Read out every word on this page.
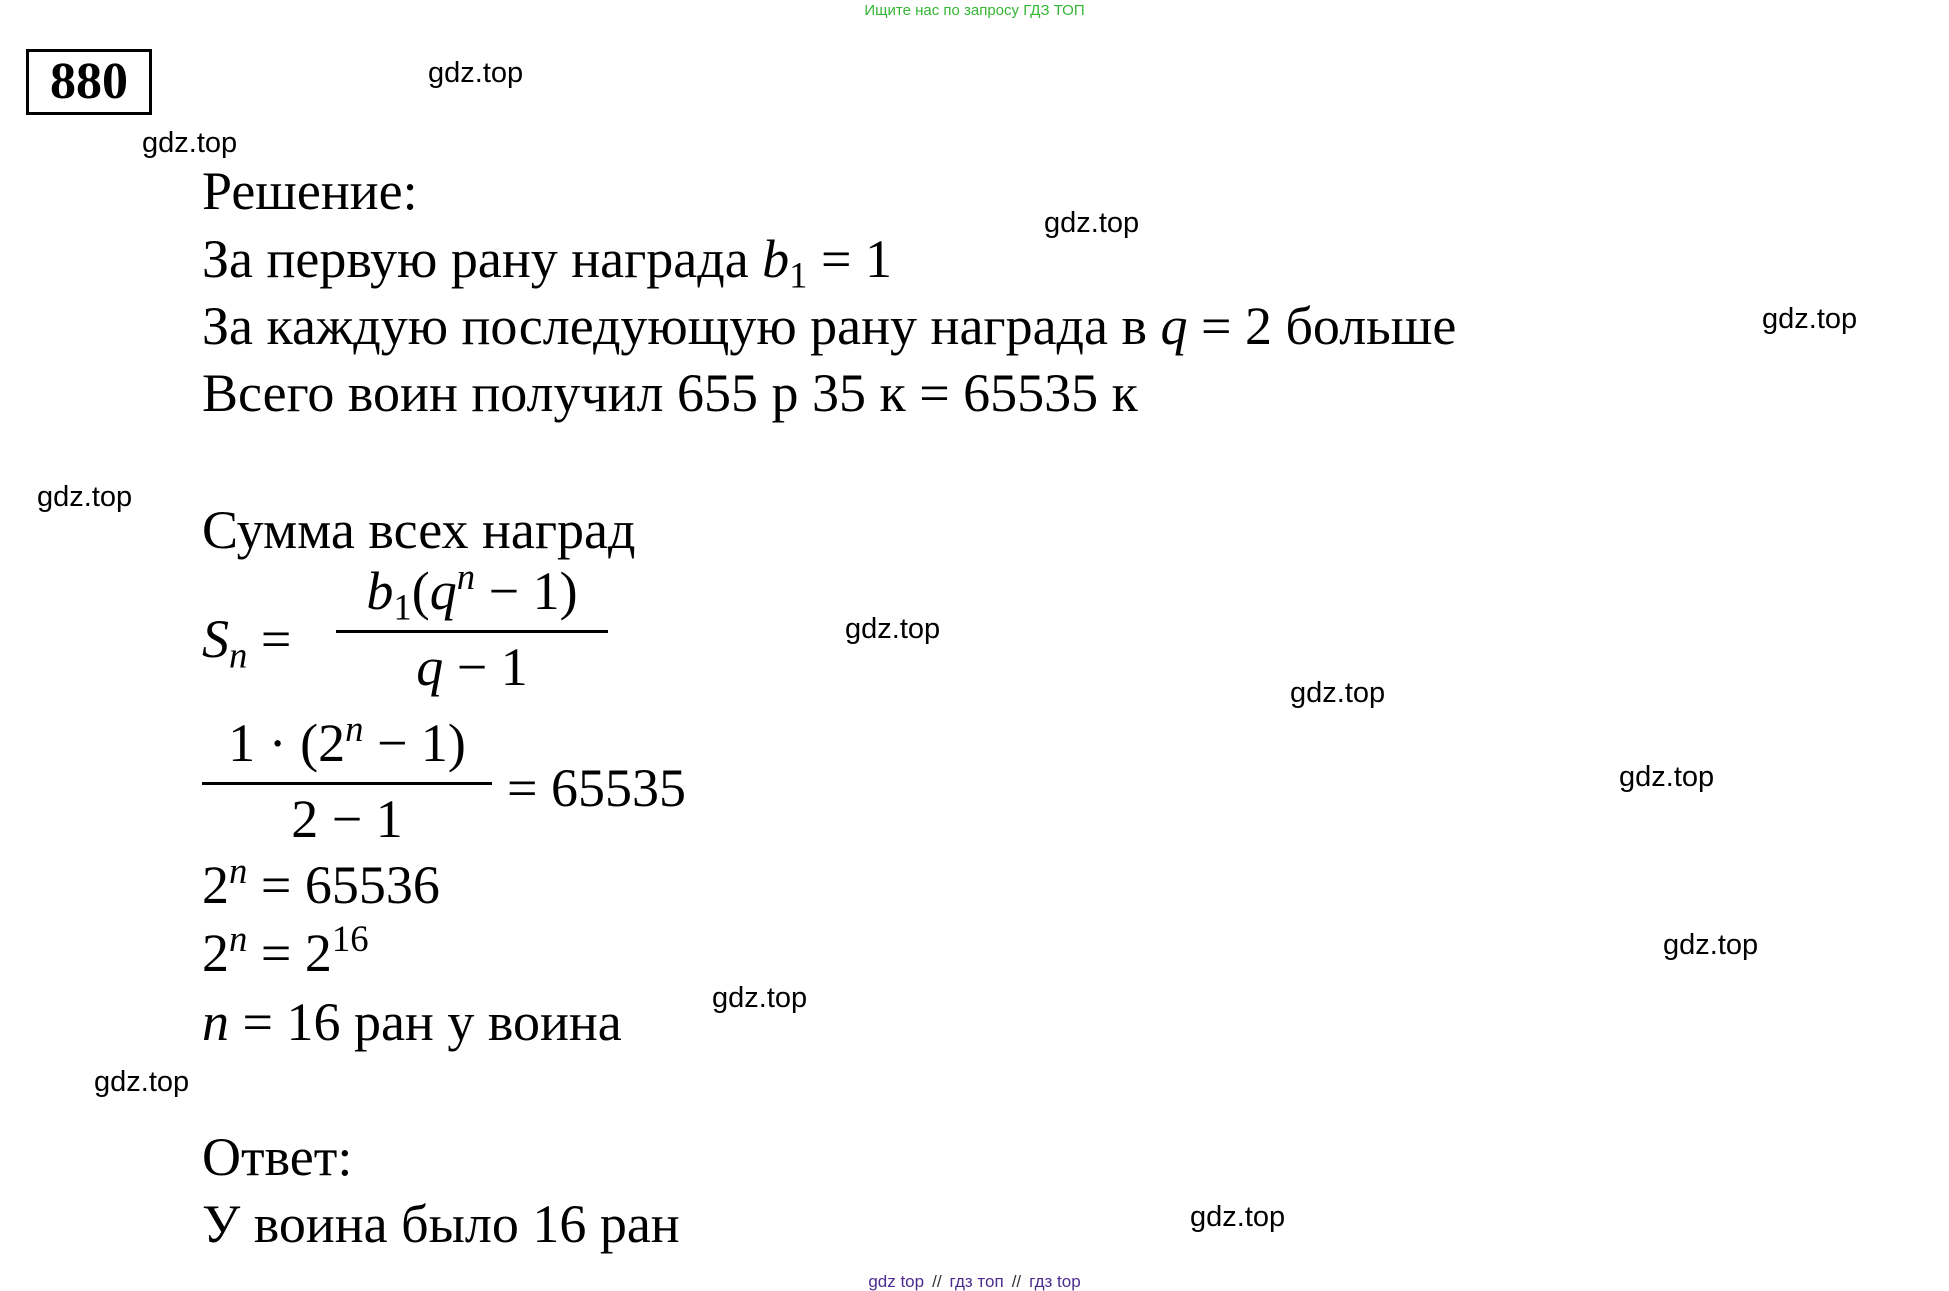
Ищите нас по запросу ГДЗ ТОП
880	gdz.top
gdz.top
gdz.top
gdz.top
gdz.top
gdz.top
gdz.top
gdz.top
gdz.top
gdz.top
gdz.top
gdz.top
Решение:
За первую рану награда $b_1 = 1$
За каждую последующую рану награда в q = 2 больше
Всего воин получил 655 р 35 к = 65535 к
Сумма всех наград
$S_n$ =
$b_1(q^n - 1)$
q − 1
$1 \cdot (2^n - 1)$
2 − 1
= 65535
$2^n = 65536$
$2^n = 2^{16}$
n = 16 ран у воина
Ответ:
У воина было 16 ран
gdz top // гдз топ // гдз top
